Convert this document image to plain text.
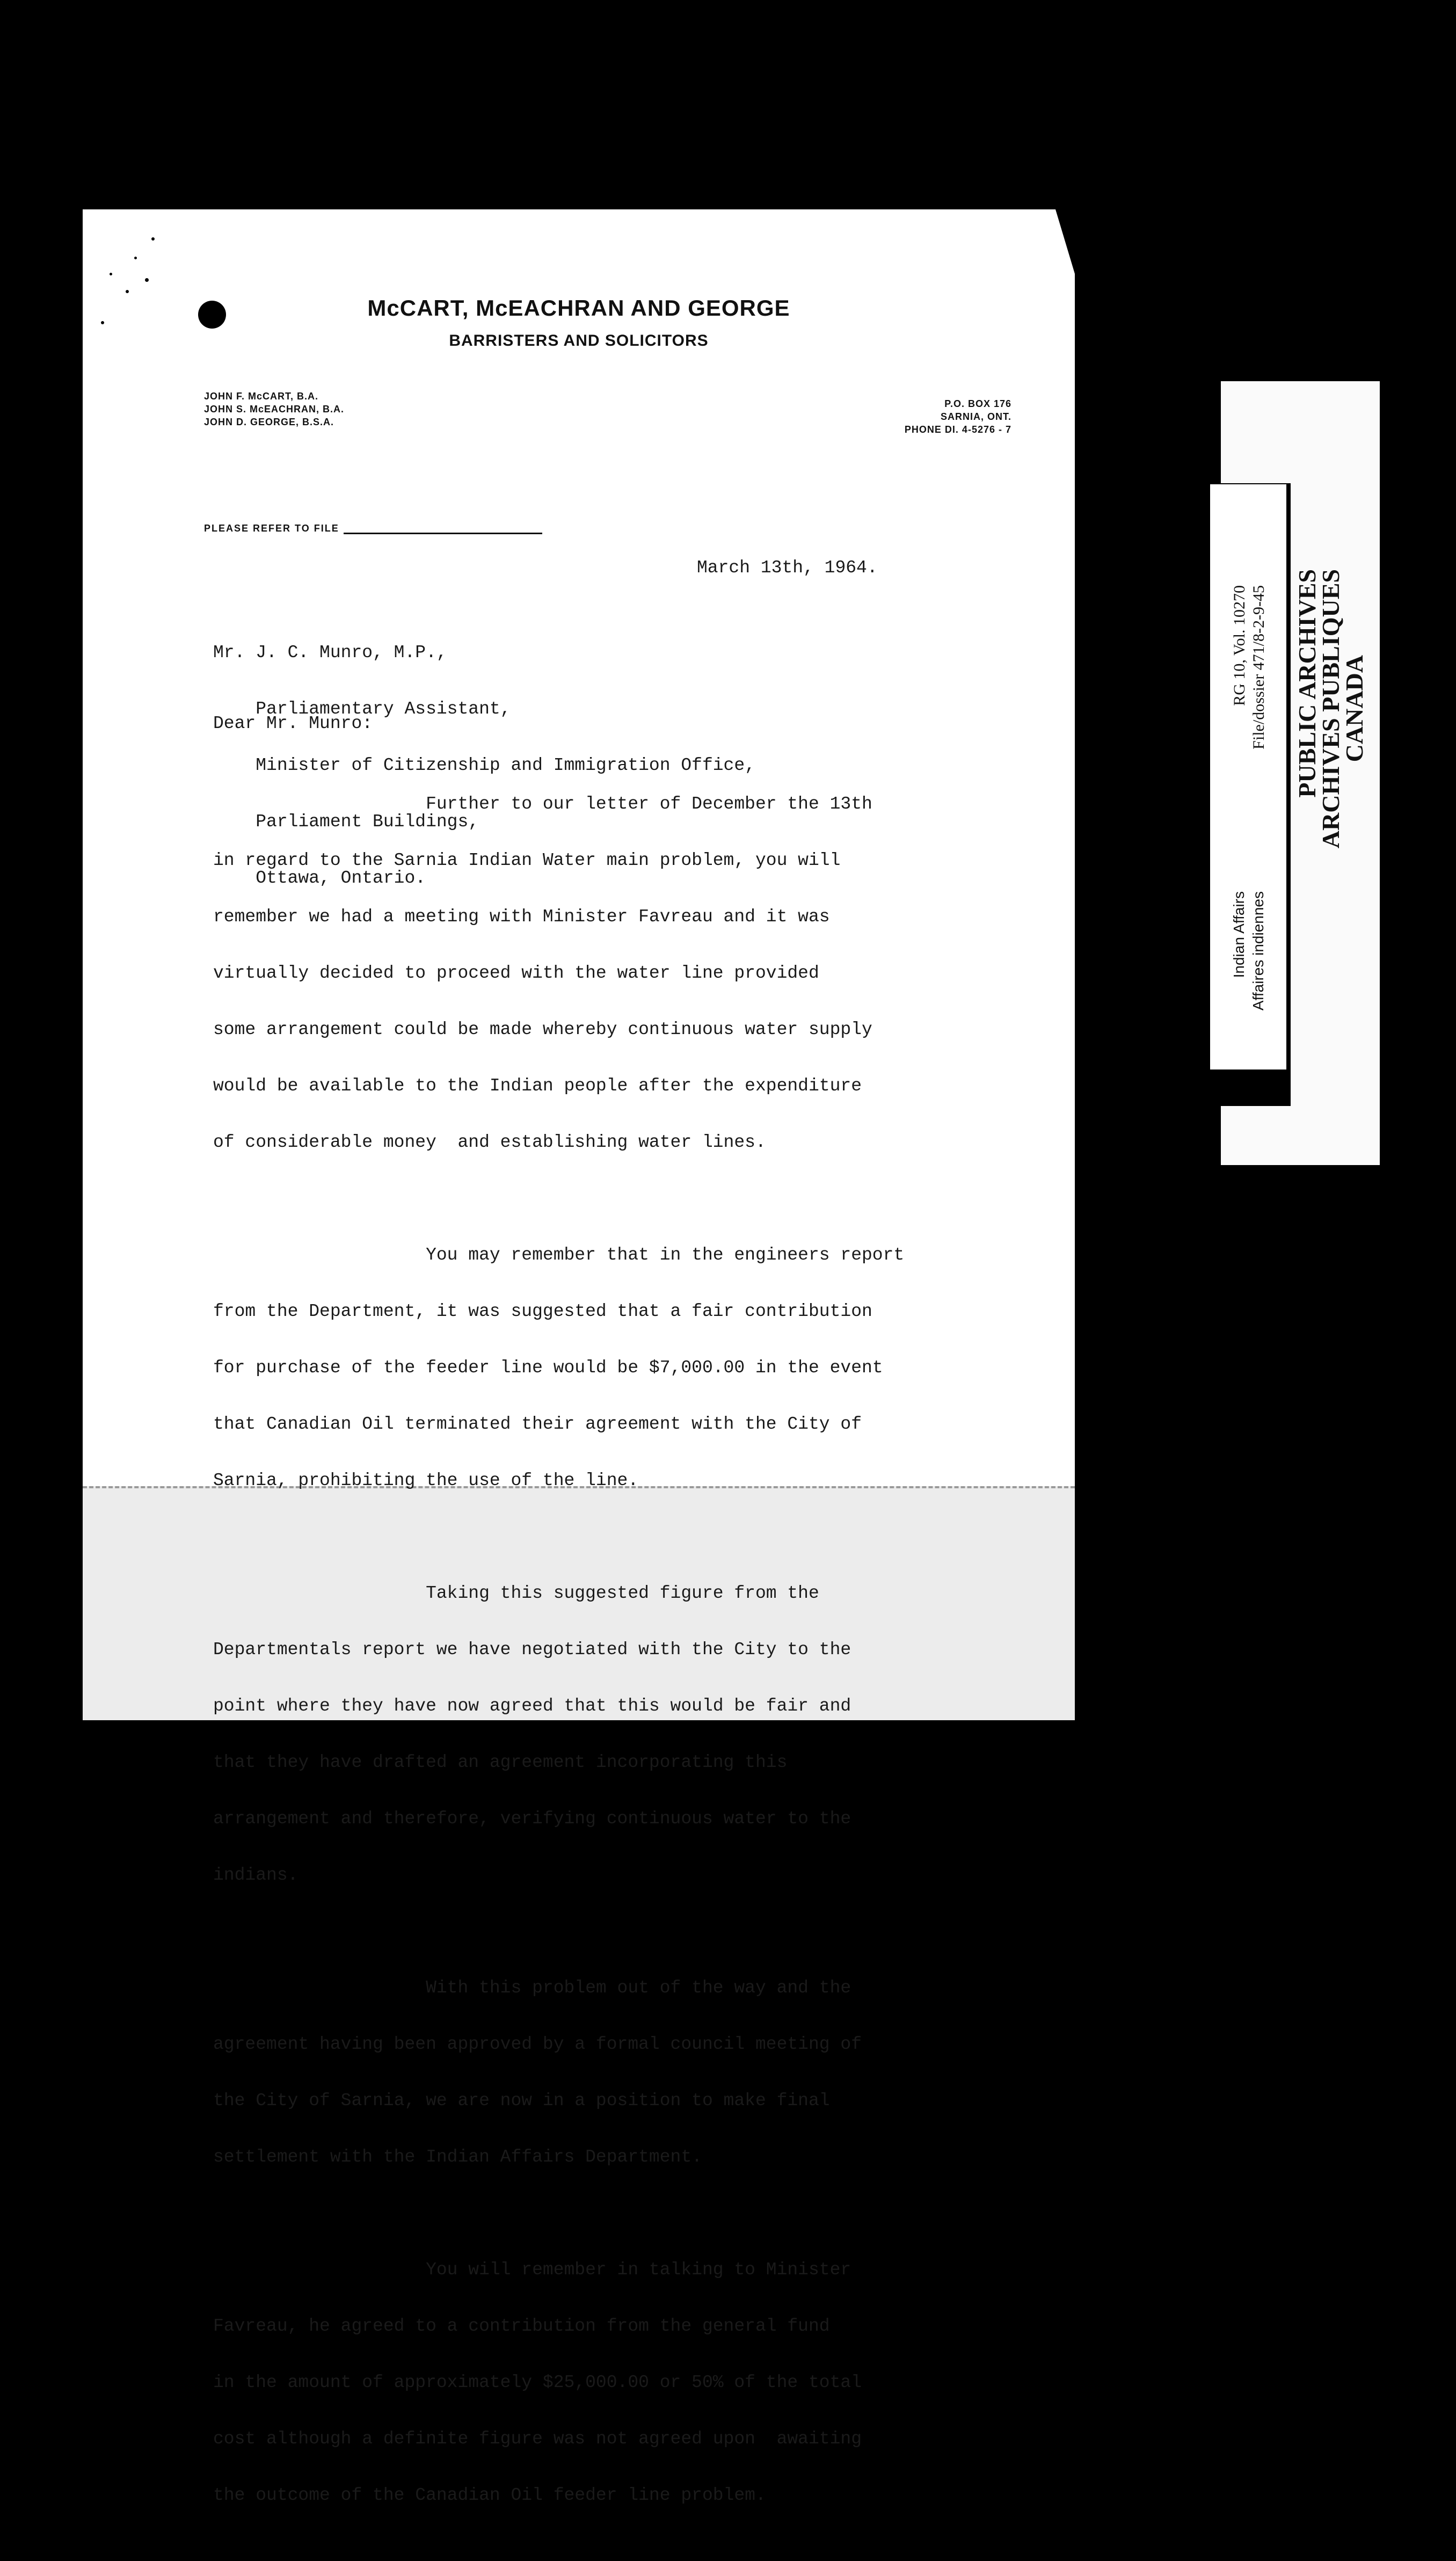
McCART, McEACHRAN AND GEORGE
BARRISTERS AND SOLICITORS
JOHN F. McCART, B.A.
JOHN S. McEACHRAN, B.A.
JOHN D. GEORGE, B.S.A.
P.O. BOX 176
SARNIA, ONT.
PHONE DI. 4-5276 - 7
PLEASE REFER TO FILE
March 13th, 1964.

Mr. J. C. Munro, M.P.,

Parliamentary Assistant,

Minister of Citizenship and Immigration Office,

Parliament Buildings,

Ottawa, Ontario.

Dear Mr. Munro:

Further to our letter of December the 13th

in regard to the Sarnia Indian Water main problem, you will

remember we had a meeting with Minister Favreau and it was

virtually decided to proceed with the water line provided

some arrangement could be made whereby continuous water supply

would be available to the Indian people after the expenditure

of considerable money  and establishing water lines.

You may remember that in the engineers report

from the Department, it was suggested that a fair contribution

for purchase of the feeder line would be $7,000.00 in the event

that Canadian Oil terminated their agreement with the City of

Sarnia, prohibiting the use of the line.

Taking this suggested figure from the

Departmentals report we have negotiated with the City to the

point where they have now agreed that this would be fair and

that they have drafted an agreement incorporating this

arrangement and therefore, verifying continuous water to the

indians.

With this problem out of the way and the

agreement having been approved by a formal council meeting of

the City of Sarnia, we are now in a position to make final

settlement with the Indian Affairs Department.

You will remember in talking to Minister

Favreau, he agreed to a contribution from the general fund

in the amount of approximately $25,000.00 or 50% of the total

cost although a definite figure was not agreed upon  awaiting

the outcome of the Canadian Oil feeder line problem.

Indian Affairs Affaires indiennes
RG 10, Vol. 10270 File/dossier 471/8-2-9-45 PUBLIC ARCHIVES
ARCHIVES PUBLIQUES
CANADA
